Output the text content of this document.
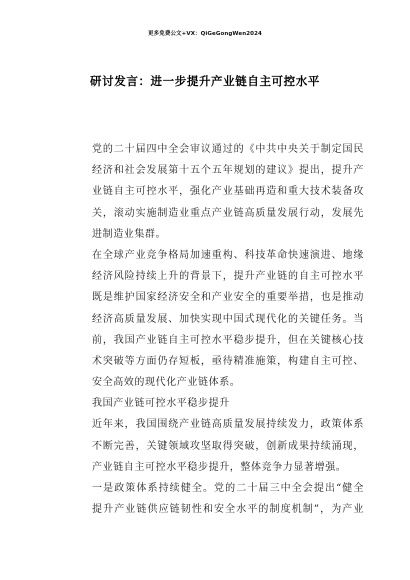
更多免费公文+VX：QiGeGongWen2024
研讨发言：进一步提升产业链自主可控水平
党的二十届四中全会审议通过的《中共中央关于制定国民
经济和社会发展第十五个五年规划的建议》提出，提升产
业链自主可控水平，强化产业基础再造和重大技术装备攻
关，滚动实施制造业重点产业链高质量发展行动，发展先
进制造业集群。
在全球产业竞争格局加速重构、科技革命快速演进、地缘
经济风险持续上升的背景下，提升产业链的自主可控水平
既是维护国家经济安全和产业安全的重要举措，也是推动
经济高质量发展、加快实现中国式现代化的关键任务。当
前，我国产业链自主可控水平稳步提升，但在关键核心技
术突破等方面仍存短板，亟待精准施策，构建自主可控、
安全高效的现代化产业链体系。
我国产业链可控水平稳步提升
近年来，我国围绕产业链高质量发展持续发力，政策体系
不断完善，关键领域攻坚取得突破，创新成果持续涌现，
产业链自主可控水平稳步提升，整体竞争力显著增强。
一是政策体系持续健全。党的二十届三中全会提出“健全
提升产业链供应链韧性和安全水平的制度机制”，为产业
